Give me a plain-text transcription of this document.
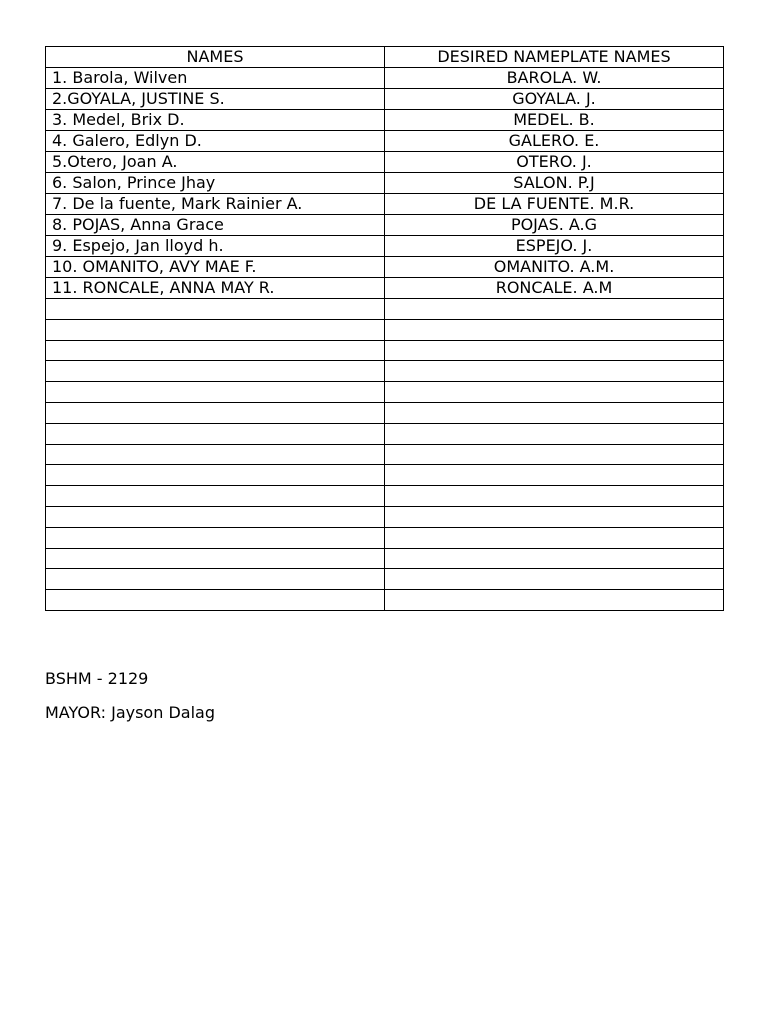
NAMES	DESIRED NAMEPLATE NAMES
1. Barola, Wilven	BAROLA. W.
2.GOYALA, JUSTINE S.	GOYALA. J.
3. Medel, Brix D.	MEDEL. B.
4. Galero, Edlyn D.	GALERO. E.
5.Otero, Joan A.	OTERO. J.
6. Salon, Prince Jhay	SALON. P.J
7. De la fuente, Mark Rainier A.	DE LA FUENTE. M.R.
8. POJAS, Anna Grace	POJAS. A.G
9. Espejo, Jan lloyd h.	ESPEJO. J.
10. OMANITO, AVY MAE F.	OMANITO. A.M.
11. RONCALE, ANNA MAY R.	RONCALE. A.M

BSHM - 2129
MAYOR: Jayson Dalag
